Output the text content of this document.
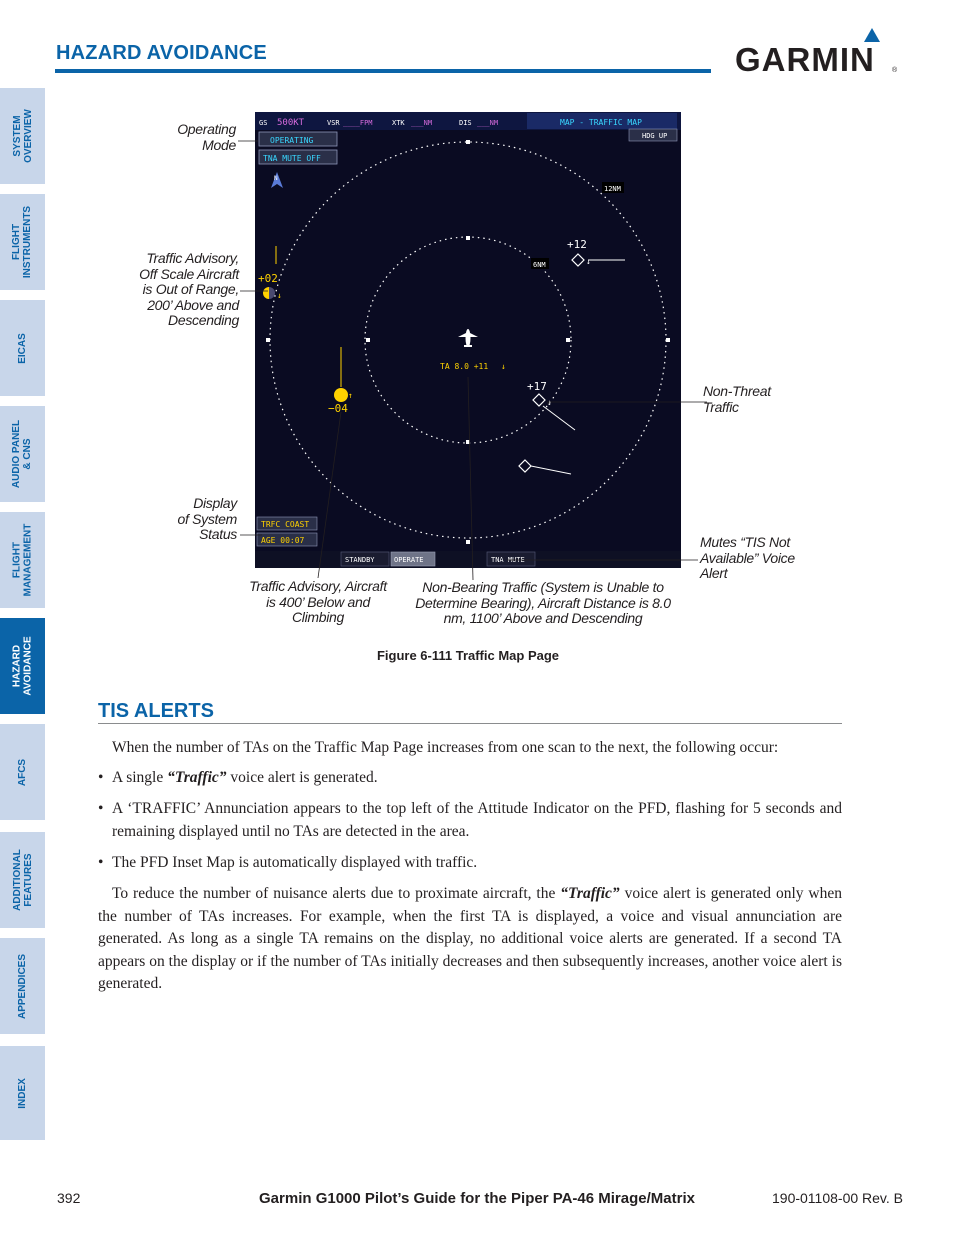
HAZARD AVOIDANCE	GARMIN ®
SYSTEM
OVERVIEW
FLIGHT
INSTRUMENTS
EICAS
AUDIO PANEL
& CNS
FLIGHT
MANAGEMENT
HAZARD
AVOIDANCE
AFCS
ADDITIONAL
FEATURES
APPENDICES
INDEX
GS 500KT	VSR ____FPM	XTK ___NM	DIS ___NM	MAP - TRAFFIC MAP
OPERATING
TNA MUTE OFF
HDG UP
N
12NM
6NM
TA 8.0 +11 ↓
+02
↓
↑
−04
+12
↓
+17
↓
TRFC COAST
AGE 00:07
STANDBY	OPERATE	TNA MUTE
Operating
Mode
Traffic Advisory,
Off Scale Aircraft
is Out of Range,
200’ Above and
Descending
Display
of System
Status
Traffic Advisory, Aircraft
is 400’ Below and
Climbing
Non-Bearing Traffic (System is Unable to
Determine Bearing), Aircraft Distance is 8.0
nm, 1100’ Above and Descending
Non-Threat
Traffic
Mutes “TIS Not
Available” Voice
Alert
Figure 6-111 Traffic Map Page
TIS ALERTS
When the number of TAs on the Traffic Map Page increases from one scan to the next, the following occur:
• A single “Traffic” voice alert is generated.
• A ‘TRAFFIC’ Annunciation appears to the top left of the Attitude Indicator on the PFD, flashing for 5 seconds and remaining displayed until no TAs are detected in the area.
• The PFD Inset Map is automatically displayed with traffic.
To reduce the number of nuisance alerts due to proximate aircraft, the “Traffic” voice alert is generated only when the number of TAs increases. For example, when the first TA is displayed, a voice and visual annunciation are generated. As long as a single TA remains on the display, no additional voice alerts are generated. If a second TA appears on the display or if the number of TAs initially decreases and then subsequently increases, another voice alert is generated.
392	Garmin G1000 Pilot’s Guide for the Piper PA-46 Mirage/Matrix	190-01108-00 Rev. B
